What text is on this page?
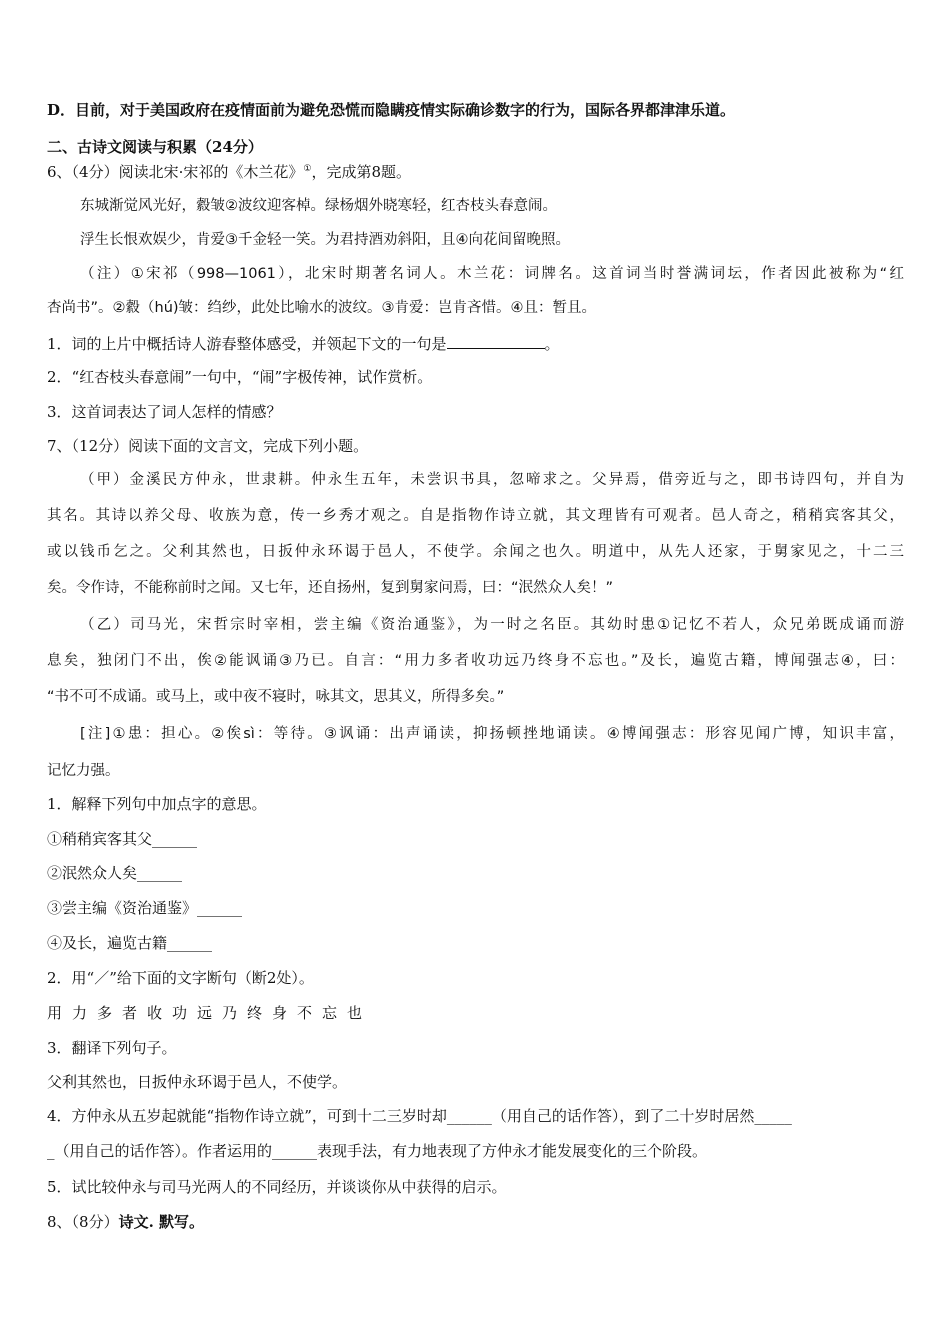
D．目前，对于美国政府在疫情面前为避免恐慌而隐瞒疫情实际确诊数字的行为，国际各界都津津乐道。
二、古诗文阅读与积累（24分）
6、（4分）阅读北宋·宋祁的《木兰花》①，完成第8题。
东城渐觉风光好，縠皱②波纹迎客棹。绿杨烟外晓寒轻，红杏枝头春意闹。
浮生长恨欢娱少，肯爱③千金轻一笑。为君持酒劝斜阳，且④向花间留晚照。
（注）①宋祁（998—1061），北宋时期著名词人。木兰花：词牌名。这首词当时誉满词坛，作者因此被称为“红
杏尚书”。②縠（hú)皱：绉纱，此处比喻水的波纹。③肯爱：岂肯吝惜。④且：暂且。
1．词的上片中概括诗人游春整体感受，并领起下文的一句是	。
2．“红杏枝头春意闹”一句中，“闹”字极传神，试作赏析。
3．这首词表达了词人怎样的情感？
7、（12分）阅读下面的文言文，完成下列小题。
（甲）金溪民方仲永，世隶耕。仲永生五年，未尝识书具，忽啼求之。父异焉，借旁近与之，即书诗四句，并自为
其名。其诗以养父母、收族为意，传一乡秀才观之。自是指物作诗立就，其文理皆有可观者。邑人奇之，稍稍宾客其父，
或以钱币乞之。父利其然也，日扳仲永环谒于邑人，不使学。余闻之也久。明道中，从先人还家，于舅家见之，十二三
矣。令作诗，不能称前时之闻。又七年，还自扬州，复到舅家问焉，曰：“泯然众人矣！”
（乙）司马光，宋哲宗时宰相，尝主编《资治通鉴》，为一时之名臣。其幼时患①记忆不若人，众兄弟既成诵而游
息矣，独闭门不出，俟②能讽诵③乃已。自言：“用力多者收功远乃终身不忘也。”及长，遍览古籍，博闻强志④，曰：
“书不可不成诵。或马上，或中夜不寝时，咏其文，思其义，所得多矣。”
[注]①患：担心。②俟sì：等待。③讽诵：出声诵读，抑扬顿挫地诵读。④博闻强志：形容见闻广博，知识丰富，
记忆力强。
1．解释下列句中加点字的意思。
①稍稍宾客其父______
②泯然众人矣______
③尝主编《资治通鉴》______
④及长，遍览古籍______
2．用“／”给下面的文字断句（断2处）。
用力多者收功远乃终身不忘也
3．翻译下列句子。
父利其然也，日扳仲永环谒于邑人，不使学。
4．方仲永从五岁起就能“指物作诗立就”，可到十二三岁时却______（用自己的话作答），到了二十岁时居然_____
_（用自己的话作答）。作者运用的______表现手法，有力地表现了方仲永才能发展变化的三个阶段。
5．试比较仲永与司马光两人的不同经历，并谈谈你从中获得的启示。
8、（8分）诗文. 默写。
